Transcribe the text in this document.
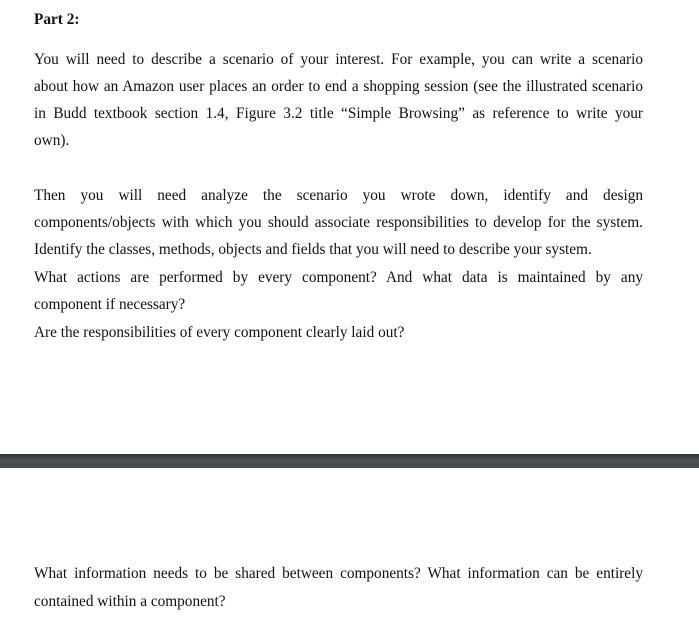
Part 2:
You will need to describe a scenario of your interest. For example, you can write a scenario
about how an Amazon user places an order to end a shopping session (see the illustrated scenario
in Budd textbook section 1.4, Figure 3.2 title “Simple Browsing” as reference to write your
own).
Then you will need analyze the scenario you wrote down, identify and design
components/objects with which you should associate responsibilities to develop for the system.
Identify the classes, methods, objects and fields that you will need to describe your system.
What actions are performed by every component? And what data is maintained by any
component if necessary?
Are the responsibilities of every component clearly laid out?
What information needs to be shared between components? What information can be entirely
contained within a component?
